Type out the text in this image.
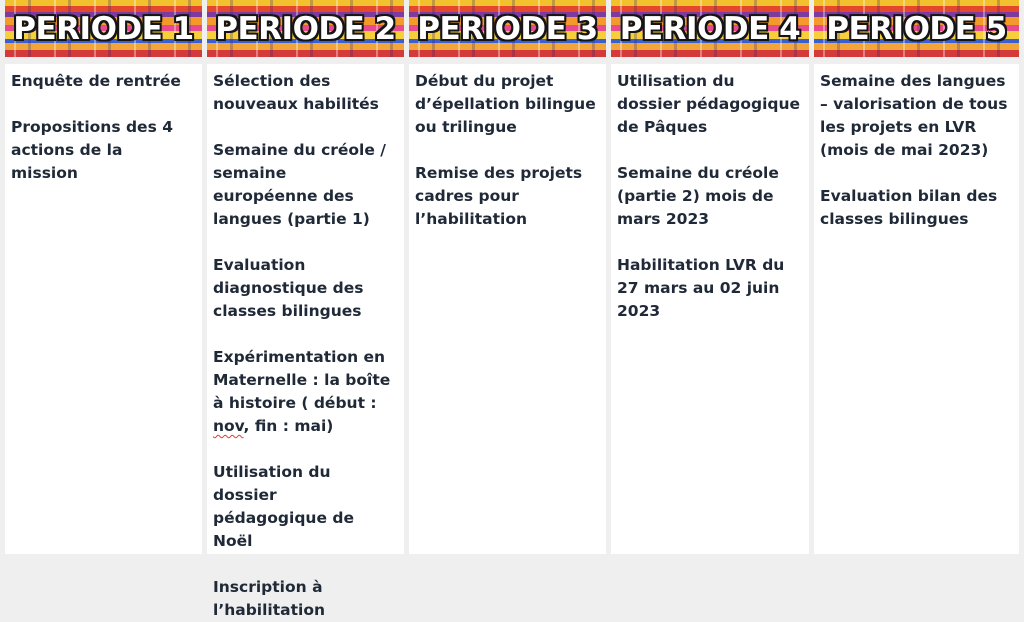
PERIODE 1
Enquête de rentrée
Propositions des 4 actions de la mission
PERIODE 2
Sélection des nouveaux habilités
Semaine du créole / semaine européenne des langues (partie 1)
Evaluation diagnostique des classes bilingues
Expérimentation en Maternelle : la boîte à histoire ( début : nov, fin : mai)
Utilisation du dossier pédagogique de Noël
Inscription à l’habilitation
PERIODE 3
Début du projet d’épellation bilingue ou trilingue
Remise des projets cadres pour l’habilitation
PERIODE 4
Utilisation du dossier pédagogique de Pâques
Semaine du créole (partie 2) mois de mars 2023
Habilitation LVR du 27 mars au 02 juin 2023
PERIODE 5
Semaine des langues – valorisation de tous les projets en LVR (mois de mai 2023)
Evaluation bilan des classes bilingues
